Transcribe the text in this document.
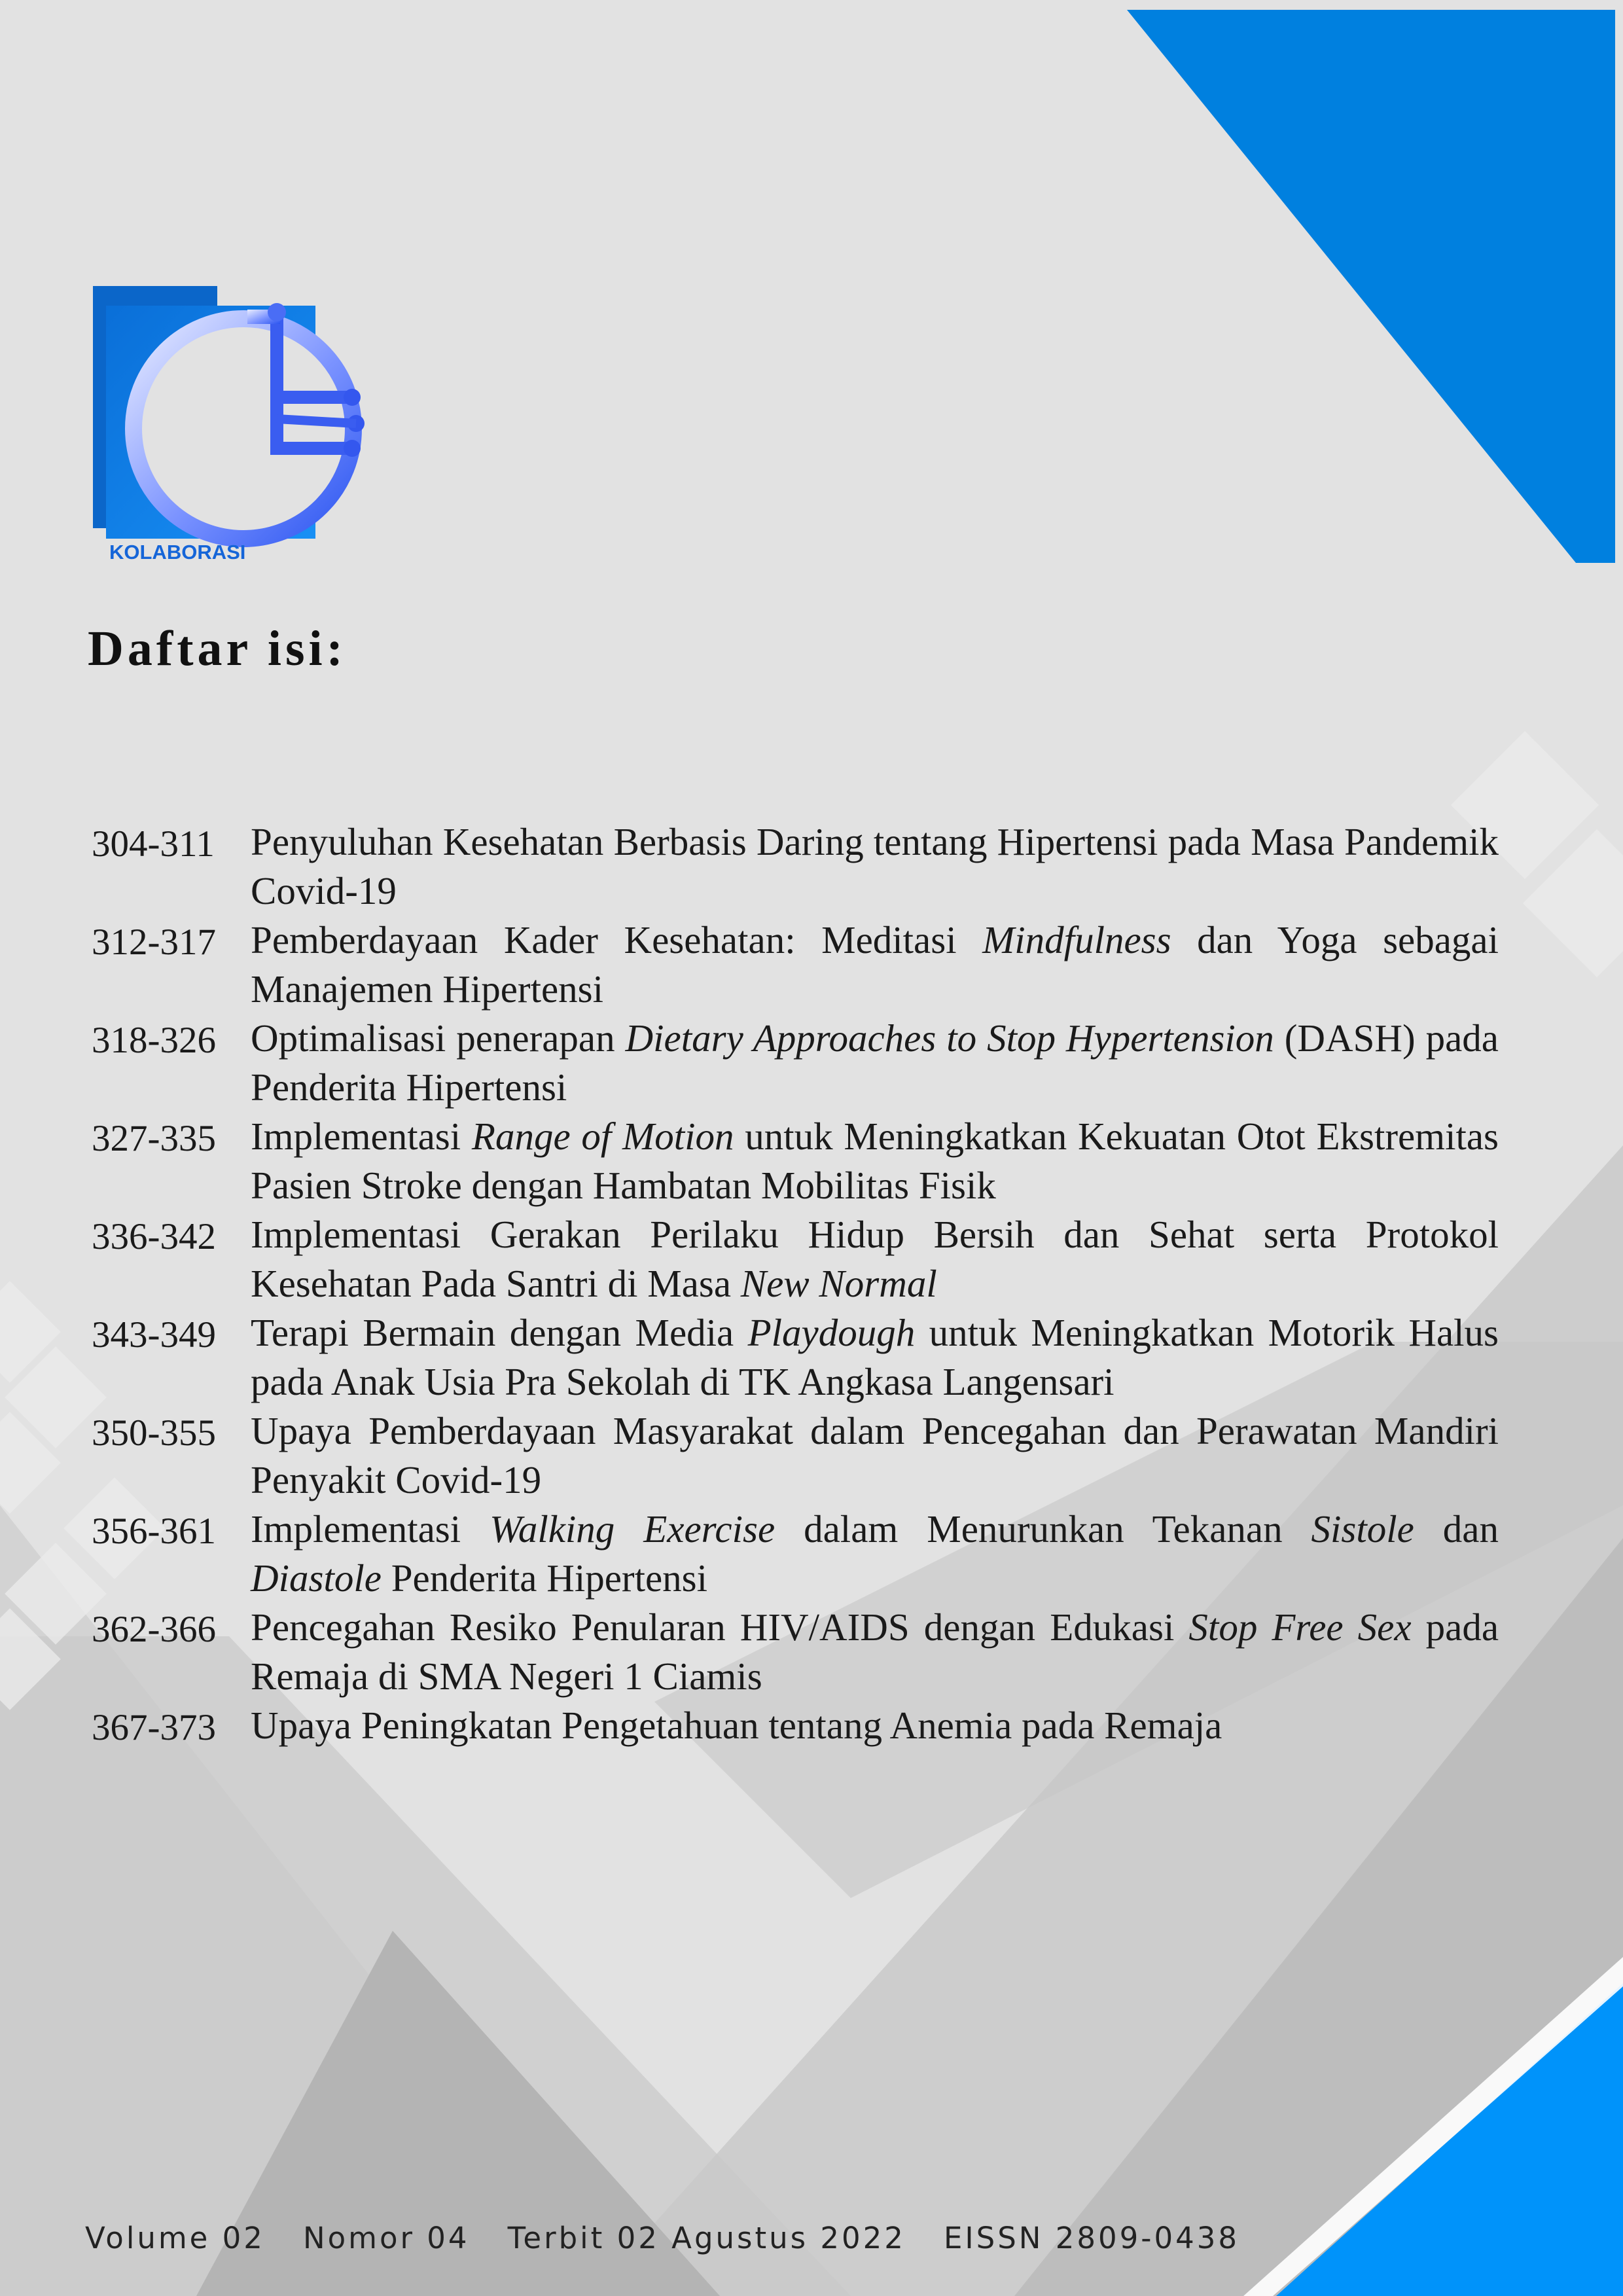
KOLABORASI
Daftar isi:
304-311 Penyuluhan Kesehatan Berbasis Daring tentang Hipertensi pada Masa Pandemik Covid-19
312-317 Pemberdayaan Kader Kesehatan: Meditasi Mindfulness dan Yoga sebagai Manajemen Hipertensi
318-326 Optimalisasi penerapan Dietary Approaches to Stop Hypertension (DASH) pada Penderita Hipertensi
327-335 Implementasi Range of Motion untuk Meningkatkan Kekuatan Otot Ekstremitas Pasien Stroke dengan Hambatan Mobilitas Fisik
336-342 Implementasi Gerakan Perilaku Hidup Bersih dan Sehat serta Protokol Kesehatan Pada Santri di Masa New Normal
343-349 Terapi Bermain dengan Media Playdough untuk Meningkatkan Motorik Halus pada Anak Usia Pra Sekolah di TK Angkasa Langensari
350-355 Upaya Pemberdayaan Masyarakat dalam Pencegahan dan Perawatan Mandiri Penyakit Covid-19
356-361 Implementasi Walking Exercise dalam Menurunkan Tekanan Sistole dan Diastole Penderita Hipertensi
362-366 Pencegahan Resiko Penularan HIV/AIDS dengan Edukasi Stop Free Sex pada Remaja di SMA Negeri 1 Ciamis
367-373 Upaya Peningkatan Pengetahuan tentang Anemia pada Remaja
Volume 02 Nomor 04 Terbit 02 Agustus 2022 EISSN 2809-0438
